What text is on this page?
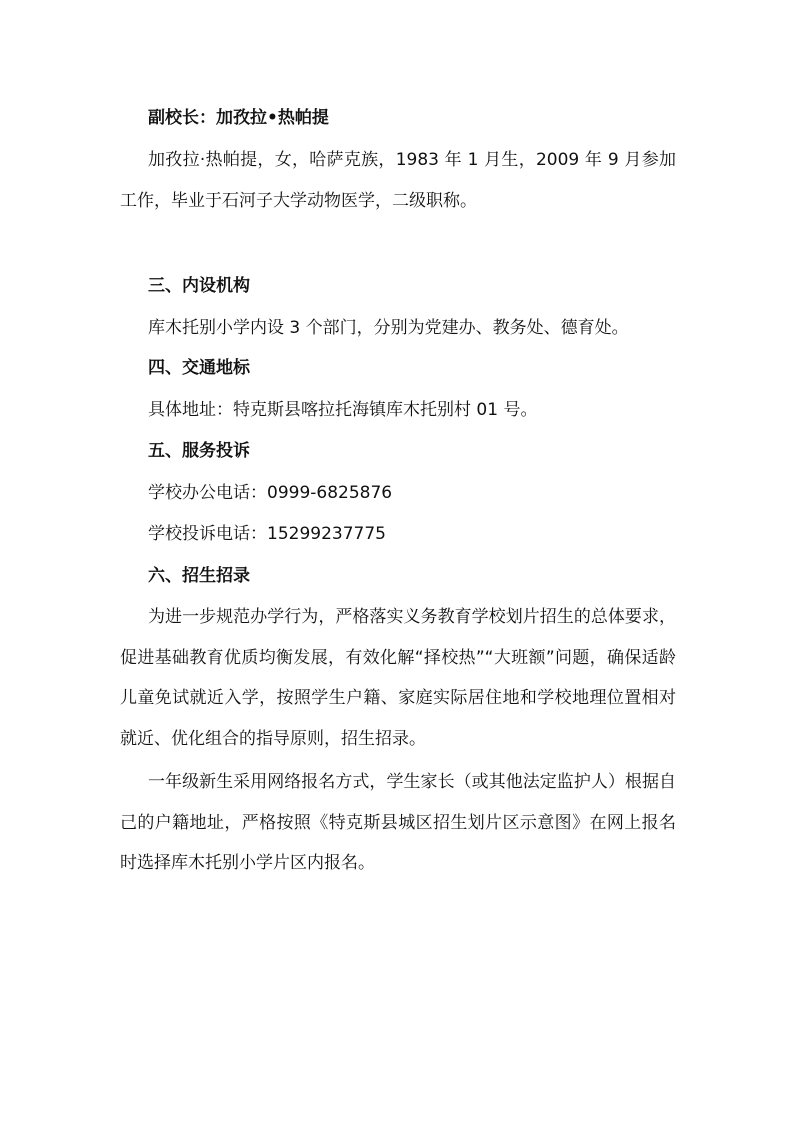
副校长：加孜拉•热帕提
加孜拉·热帕提，女，哈萨克族，1983 年 1 月生，2009 年 9 月参加工作，毕业于石河子大学动物医学，二级职称。
三、内设机构
库木托别小学内设 3 个部门，分别为党建办、教务处、德育处。
四、交通地标
具体地址：特克斯县喀拉托海镇库木托别村 01 号。
五、服务投诉
学校办公电话：0999-6825876
学校投诉电话：15299237775
六、招生招录
为进一步规范办学行为，严格落实义务教育学校划片招生的总体要求，促进基础教育优质均衡发展，有效化解“择校热”“大班额”问题，确保适龄儿童免试就近入学，按照学生户籍、家庭实际居住地和学校地理位置相对就近、优化组合的指导原则，招生招录。
一年级新生采用网络报名方式，学生家长（或其他法定监护人）根据自己的户籍地址，严格按照《特克斯县城区招生划片区示意图》在网上报名时选择库木托别小学片区内报名。
